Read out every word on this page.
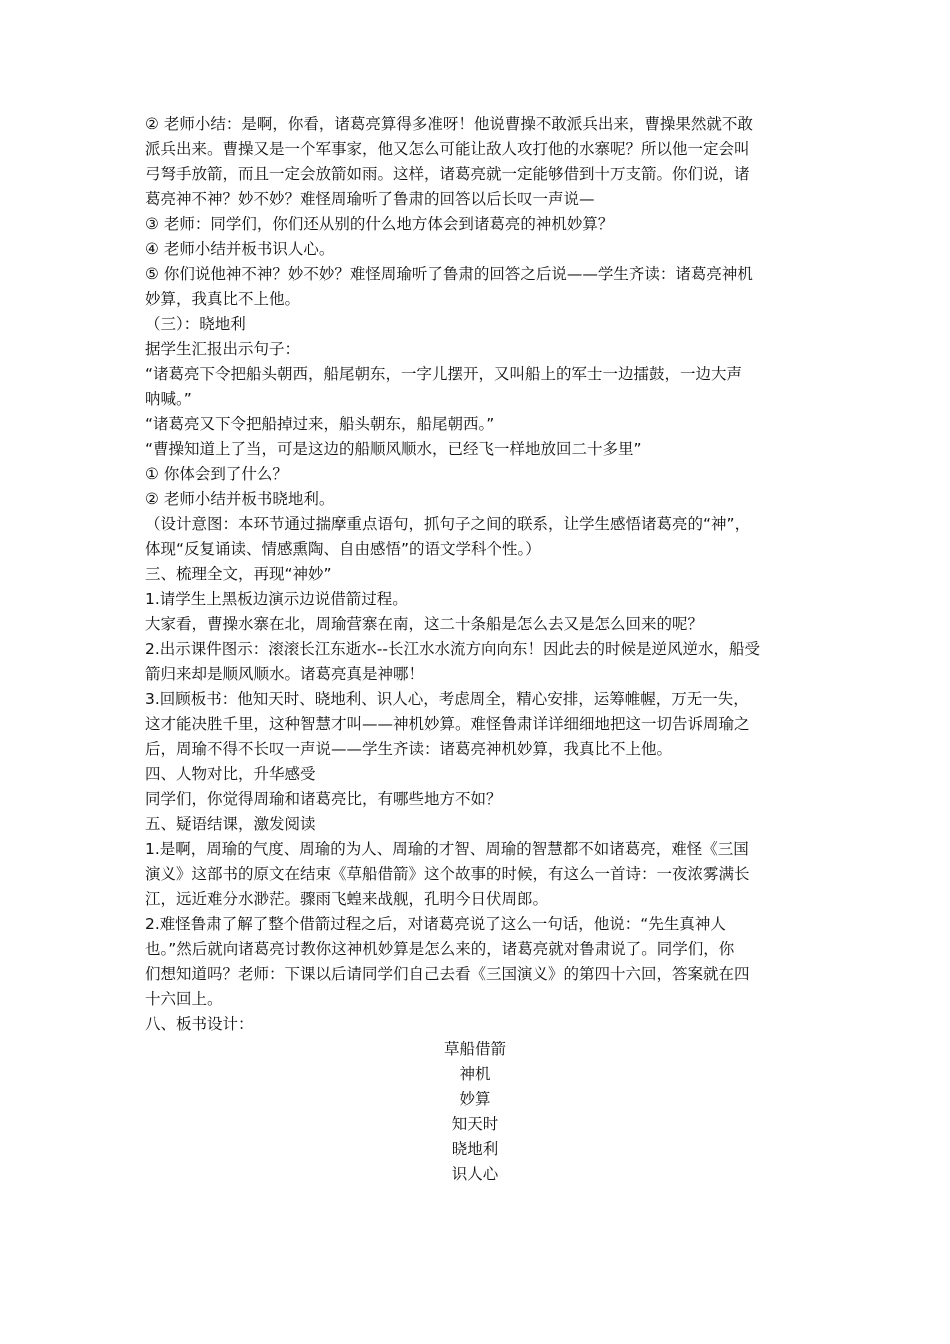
② 老师小结：是啊，你看，诸葛亮算得多准呀！他说曹操不敢派兵出来，曹操果然就不敢
派兵出来。曹操又是一个军事家，他又怎么可能让敌人攻打他的水寨呢？所以他一定会叫
弓弩手放箭，而且一定会放箭如雨。这样，诸葛亮就一定能够借到十万支箭。你们说，诸
葛亮神不神？妙不妙？难怪周瑜听了鲁肃的回答以后长叹一声说—
③ 老师：同学们，你们还从别的什么地方体会到诸葛亮的神机妙算？
④ 老师小结并板书识人心。
⑤ 你们说他神不神？妙不妙？难怪周瑜听了鲁肃的回答之后说——学生齐读：诸葛亮神机
妙算，我真比不上他。
（三）：晓地利
据学生汇报出示句子：
“诸葛亮下令把船头朝西，船尾朝东，一字儿摆开，又叫船上的军士一边擂鼓，一边大声
呐喊。”
“诸葛亮又下令把船掉过来，船头朝东，船尾朝西。”
“曹操知道上了当，可是这边的船顺风顺水，已经飞一样地放回二十多里”
① 你体会到了什么？
② 老师小结并板书晓地利。
（设计意图：本环节通过揣摩重点语句，抓句子之间的联系，让学生感悟诸葛亮的“神”，
体现“反复诵读、情感熏陶、自由感悟”的语文学科个性。）
三、梳理全文，再现“神妙”
1.请学生上黑板边演示边说借箭过程。
大家看，曹操水寨在北，周瑜营寨在南，这二十条船是怎么去又是怎么回来的呢？
2.出示课件图示：滚滚长江东逝水--长江水水流方向向东！因此去的时候是逆风逆水，船受
箭归来却是顺风顺水。诸葛亮真是神哪！
3.回顾板书：他知天时、晓地利、识人心，考虑周全，精心安排，运筹帷幄，万无一失，
这才能决胜千里，这种智慧才叫——神机妙算。难怪鲁肃详详细细地把这一切告诉周瑜之
后，周瑜不得不长叹一声说——学生齐读：诸葛亮神机妙算，我真比不上他。
四、人物对比，升华感受
同学们，你觉得周瑜和诸葛亮比，有哪些地方不如？
五、疑语结课，激发阅读
1.是啊，周瑜的气度、周瑜的为人、周瑜的才智、周瑜的智慧都不如诸葛亮，难怪《三国
演义》这部书的原文在结束《草船借箭》这个故事的时候，有这么一首诗：一夜浓雾满长
江，远近难分水渺茫。骤雨飞蝗来战舰，孔明今日伏周郎。
2.难怪鲁肃了解了整个借箭过程之后，对诸葛亮说了这么一句话，他说：“先生真神人
也。”然后就向诸葛亮讨教你这神机妙算是怎么来的，诸葛亮就对鲁肃说了。同学们，你
们想知道吗？老师：下课以后请同学们自己去看《三国演义》的第四十六回，答案就在四
十六回上。
八、板书设计：
草船借箭
神机
妙算
知天时
晓地利
识人心
